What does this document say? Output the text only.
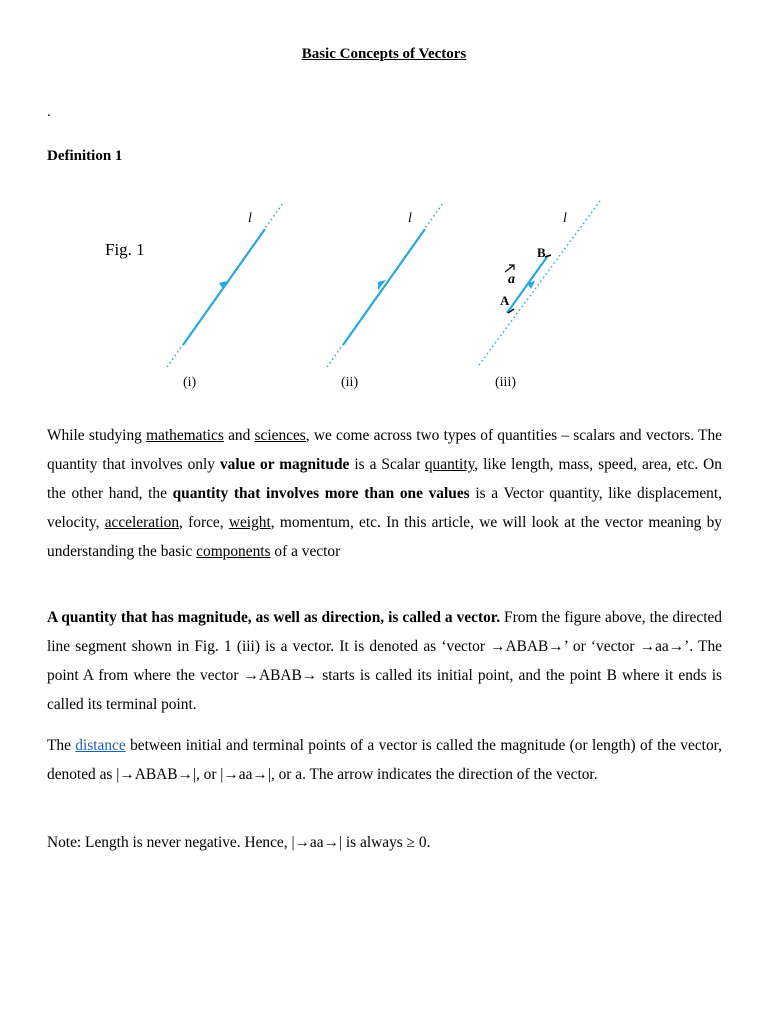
Basic Concepts of Vectors
.
Definition 1
Fig. 1
l
(i)
l
(ii)
B
A
a
l
(iii)
While studying mathematics and sciences, we come across two types of quantities – scalars and vectors. The quantity that involves only value or magnitude is a Scalar quantity, like length, mass, speed, area, etc. On the other hand, the quantity that involves more than one values is a Vector quantity, like displacement, velocity, acceleration, force, weight, momentum, etc. In this article, we will look at the vector meaning by understanding the basic components of a vector
A quantity that has magnitude, as well as direction, is called a vector. From the figure above, the directed line segment shown in Fig. 1 (iii) is a vector. It is denoted as ‘vector →ABAB→’ or ‘vector →aa→’. The point A from where the vector →ABAB→ starts is called its initial point, and the point B where it ends is called its terminal point.
The distance between initial and terminal points of a vector is called the magnitude (or length) of the vector, denoted as |→ABAB→|, or |→aa→|, or a. The arrow indicates the direction of the vector.
Note: Length is never negative. Hence, |→aa→| is always ≥ 0.
